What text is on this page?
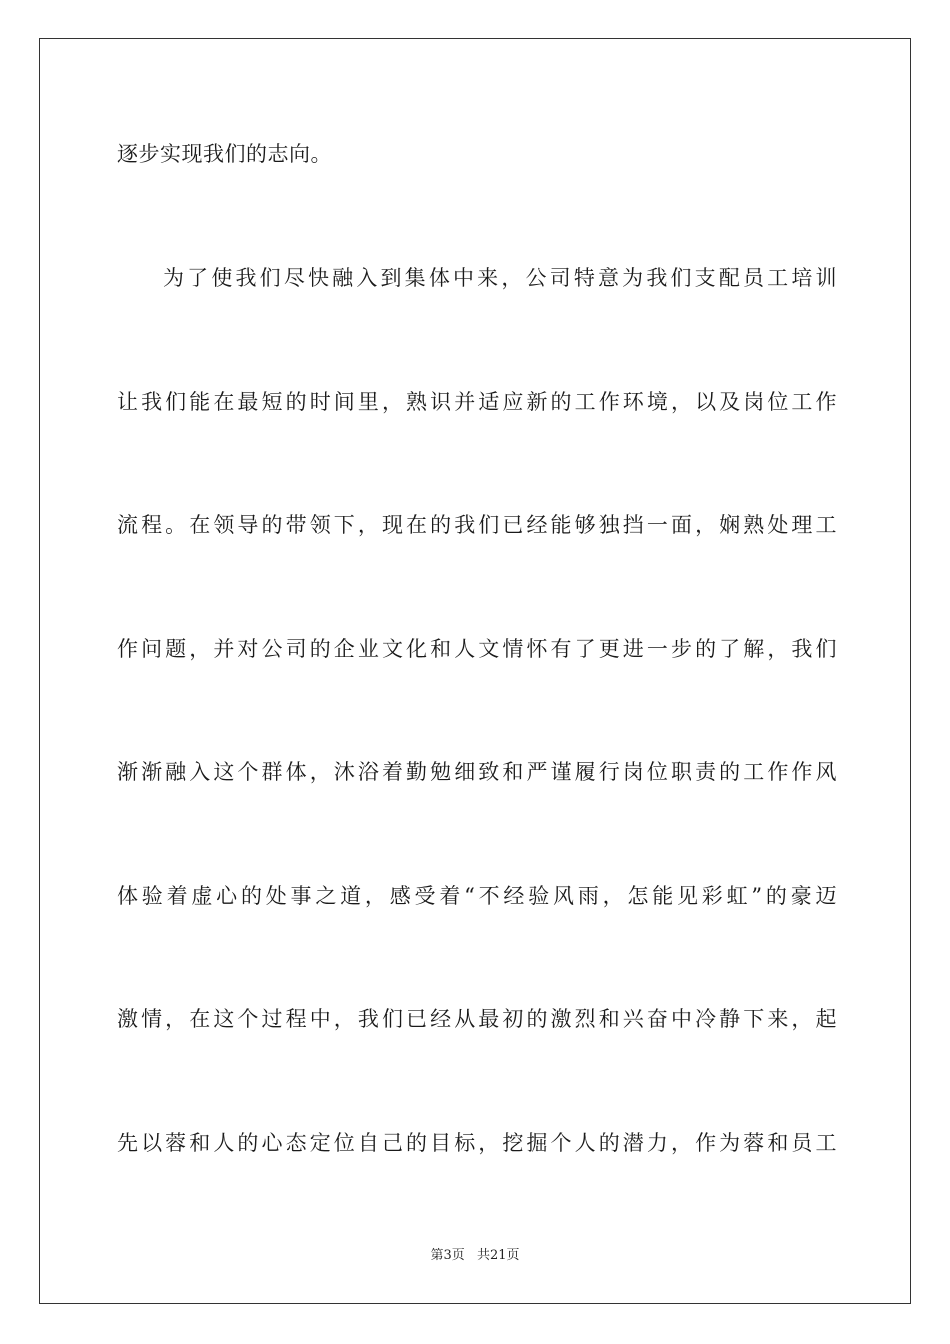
逐步实现我们的志向。
为了使我们尽快融入到集体中来，公司特意为我们支配员工培训
让我们能在最短的时间里，熟识并适应新的工作环境，以及岗位工作
流程。在领导的带领下，现在的我们已经能够独挡一面，娴熟处理工
作问题，并对公司的企业文化和人文情怀有了更进一步的了解，我们
渐渐融入这个群体，沐浴着勤勉细致和严谨履行岗位职责的工作作风
体验着虚心的处事之道，感受着“不经验风雨，怎能见彩虹”的豪迈
激情，在这个过程中，我们已经从最初的激烈和兴奋中冷静下来，起
先以蓉和人的心态定位自己的目标，挖掘个人的潜力，作为蓉和员工
第3页 共21页
